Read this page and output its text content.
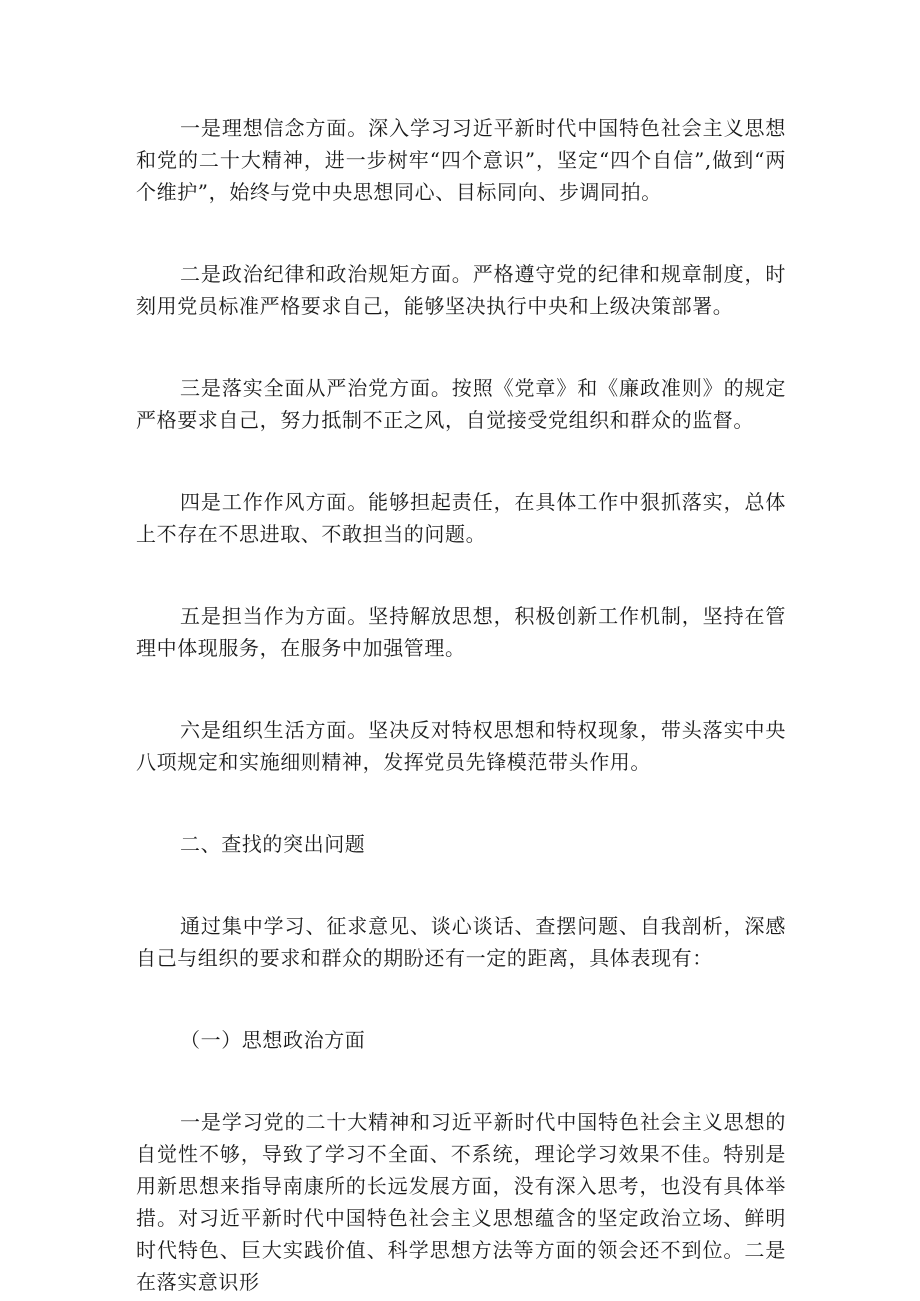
一是理想信念方面。深入学习习近平新时代中国特色社会主义思想和党的二十大精神，进一步树牢“四个意识”，坚定“四个自信”,做到“两个维护”，始终与党中央思想同心、目标同向、步调同拍。

二是政治纪律和政治规矩方面。严格遵守党的纪律和规章制度，时刻用党员标准严格要求自己，能够坚决执行中央和上级决策部署。

三是落实全面从严治党方面。按照《党章》和《廉政准则》的规定严格要求自己，努力抵制不正之风，自觉接受党组织和群众的监督。

四是工作作风方面。能够担起责任，在具体工作中狠抓落实，总体上不存在不思进取、不敢担当的问题。

五是担当作为方面。坚持解放思想，积极创新工作机制，坚持在管理中体现服务，在服务中加强管理。

六是组织生活方面。坚决反对特权思想和特权现象，带头落实中央八项规定和实施细则精神，发挥党员先锋模范带头作用。

二、查找的突出问题

通过集中学习、征求意见、谈心谈话、查摆问题、自我剖析，深感自己与组织的要求和群众的期盼还有一定的距离，具体表现有：

（一）思想政治方面

一是学习党的二十大精神和习近平新时代中国特色社会主义思想的自觉性不够，导致了学习不全面、不系统，理论学习效果不佳。特别是用新思想来指导南康所的长远发展方面，没有深入思考，也没有具体举措。对习近平新时代中国特色社会主义思想蕴含的坚定政治立场、鲜明时代特色、巨大实践价值、科学思想方法等方面的领会还不到位。二是在落实意识形
